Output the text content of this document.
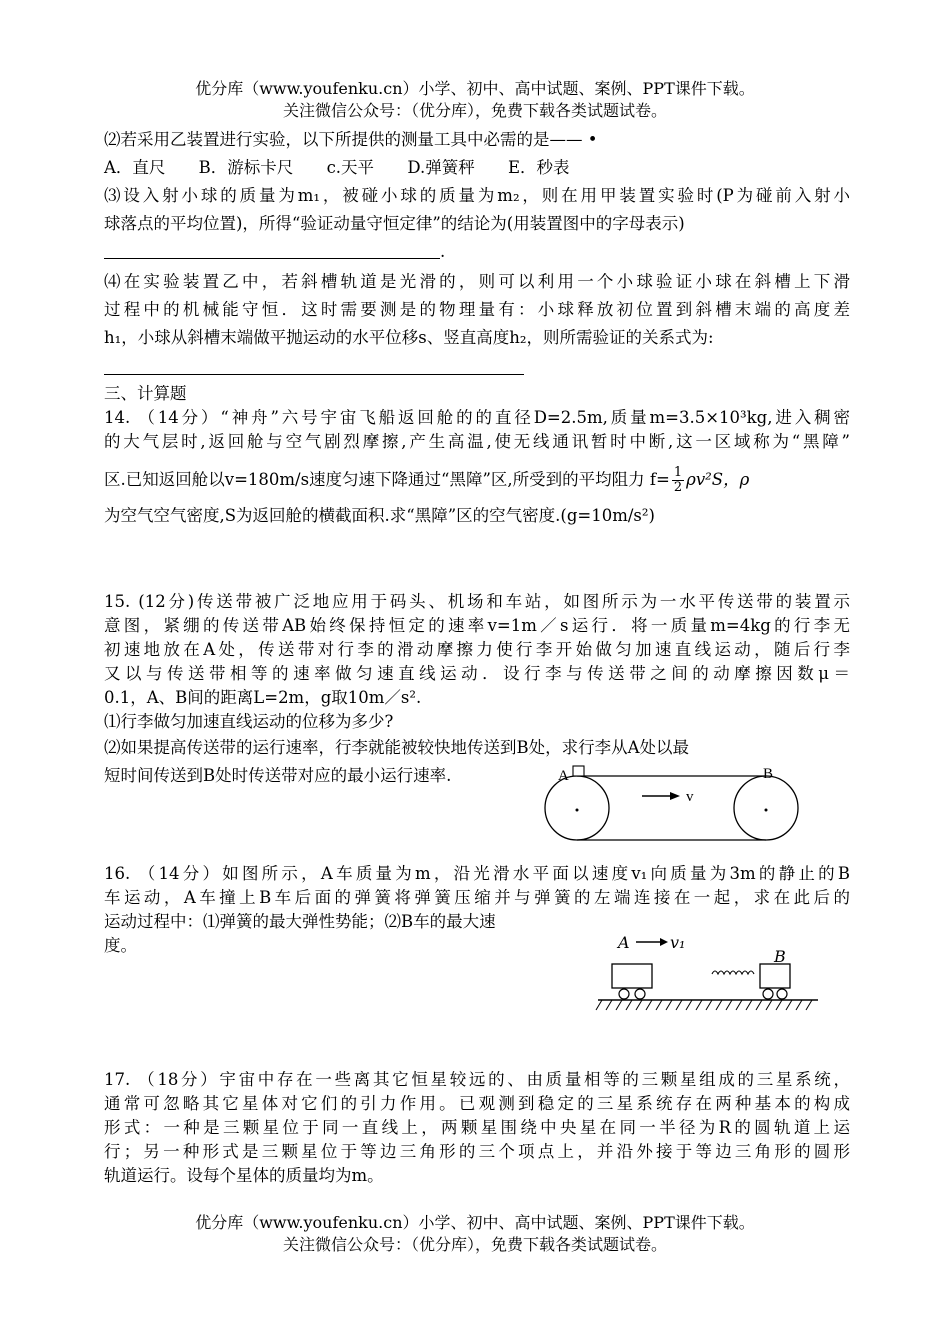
优分库（www.youfenku.cn）小学、初中、高中试题、案例、PPT课件下载。
关注微信公众号：（优分库），免费下载各类试题试卷。
⑵若采用乙装置进行实验，以下所提供的测量工具中必需的是—— •
A．直尺 B．游标卡尺 c.天平 D.弹簧秤 E．秒表
⑶设入射小球的质量为m₁，被碰小球的质量为m₂，则在用甲装置实验时(P为碰前入射小
球落点的平均位置)，所得“验证动量守恒定律”的结论为(用装置图中的字母表示)
.
⑷在实验装置乙中，若斜槽轨道是光滑的，则可以利用一个小球验证小球在斜槽上下滑
过程中的机械能守恒．这时需要测是的物理量有：小球释放初位置到斜槽末端的高度差
h₁，小球从斜槽末端做平抛运动的水平位移s、竖直高度h₂，则所需验证的关系式为:
三、计算题
14. （14分）“神舟”六号宇宙飞船返回舱的的直径D=2.5m,质量m=3.5×10³kg,进入稠密
的大气层时,返回舱与空气剧烈摩擦,产生高温,使无线通讯暂时中断,这一区域称为“黑障”
区.已知返回舱以v=180m/s速度匀速下降通过“黑障”区,所受到的平均阻力 $f= \frac{1}{2} \rho v^2S$，ρ
为空气空气密度,S为返回舱的横截面积.求“黑障”区的空气密度.(g=10m/s²)
15. (12分)传送带被广泛地应用于码头、机场和车站，如图所示为一水平传送带的装置示
意图，紧绷的传送带AB始终保持恒定的速率v=1m／s运行．将一质量m=4kg的行李无
初速地放在A处，传送带对行李的滑动摩擦力使行李开始做匀加速直线运动，随后行李
又以与传送带相等的速率做匀速直线运动．设行李与传送带之间的动摩擦因数μ＝
0.1，A、B间的距离L=2m，g取10m／s².
⑴行李做匀加速直线运动的位移为多少?
⑵如果提高传送带的运行速率，行李就能被较快地传送到B处，求行李从A处以最
短时间传送到B处时传送带对应的最小运行速率.	A	B
v
16. （14分）如图所示，A车质量为m，沿光滑水平面以速度v₁向质量为3m的静止的B
车运动，A车撞上B车后面的弹簧将弹簧压缩并与弹簧的左端连接在一起，求在此后的
运动过程中：⑴弹簧的最大弹性势能；⑵B车的最大速
度。	A	v₁
B
17. （18分）宇宙中存在一些离其它恒星较远的、由质量相等的三颗星组成的三星系统，
通常可忽略其它星体对它们的引力作用。已观测到稳定的三星系统存在两种基本的构成
形式：一种是三颗星位于同一直线上，两颗星围绕中央星在同一半径为R的圆轨道上运
行；另一种形式是三颗星位于等边三角形的三个项点上，并沿外接于等边三角形的圆形
轨道运行。设每个星体的质量均为m。
优分库（www.youfenku.cn）小学、初中、高中试题、案例、PPT课件下载。
关注微信公众号：（优分库），免费下载各类试题试卷。
